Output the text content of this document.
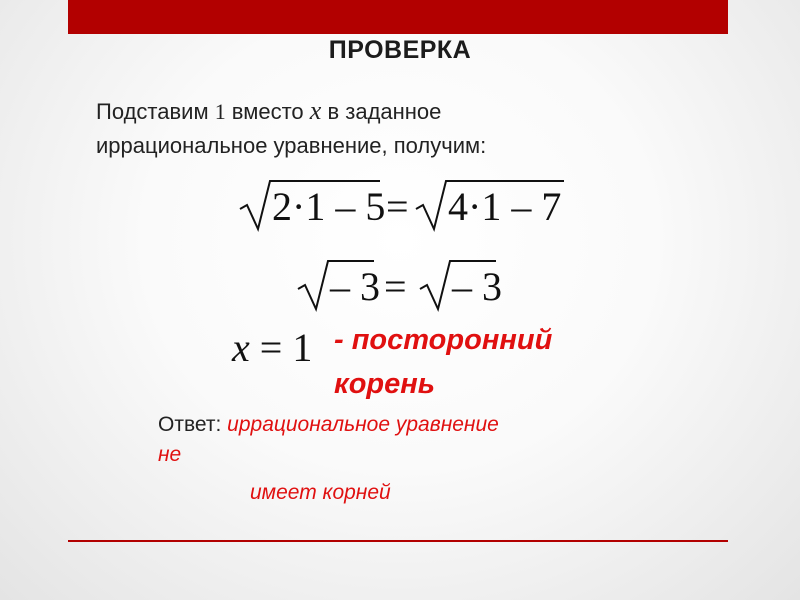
ПРОВЕРКА
Подставим 1 вместо x в заданное
иррациональное уравнение, получим:
2·1 – 5 = 4·1 – 7
– 3 = – 3
x = 1 - посторонний
корень
Ответ: иррациональное уравнение
не
имеет корней
